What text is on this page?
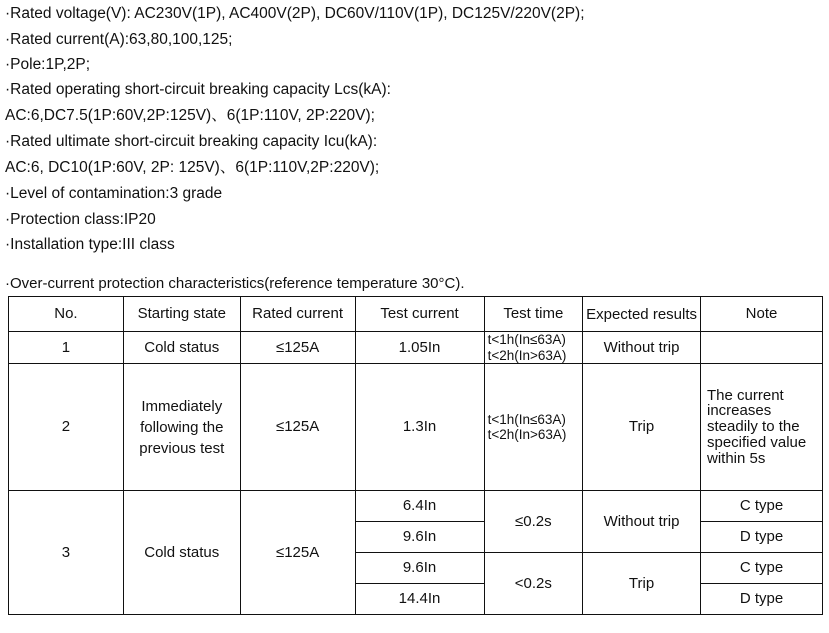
·Rated voltage(V): AC230V(1P), AC400V(2P), DC60V/110V(1P), DC125V/220V(2P);
·Rated current(A):63,80,100,125;
·Pole:1P,2P;
·Rated operating short-circuit breaking capacity Lcs(kA):
AC:6,DC7.5(1P:60V,2P:125V)、6(1P:110V, 2P:220V);
·Rated ultimate short-circuit breaking capacity Icu(kA):
AC:6, DC10(1P:60V, 2P: 125V)、6(1P:110V,2P:220V);
·Level of contamination:3 grade
·Protection class:IP20
·Installation type:III class
·Over-current protection characteristics(reference temperature 30°C).
No.	Starting state	Rated current	Test current	Test time	Expected results	Note
1	Cold status	≤125A	1.05In	t<1h(In≤63A)
t<2h(In>63A)	Without trip	
2	Immediately following the previous test	≤125A	1.3In	t<1h(In≤63A)
t<2h(In>63A)	Trip	The current increases steadily to the specified value within 5s
3	Cold status	≤125A	6.4In	≤0.2s	Without trip	C type
			9.6In			D type
			9.6In	<0.2s	Trip	C type
			14.4In			D type
